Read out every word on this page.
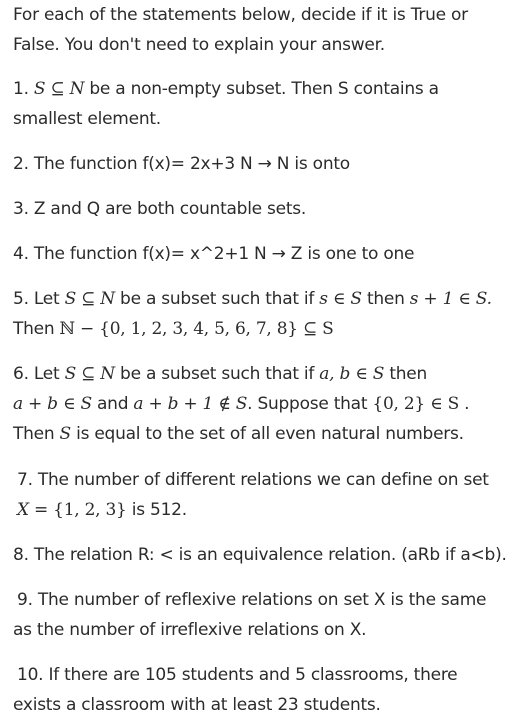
For each of the statements below, decide if it is True or
False. You don't need to explain your answer.
1. S ⊆ N be a non-empty subset. Then S contains a
smallest element.
2. The function f(x)= 2x+3 N → N is onto
3. Z and Q are both countable sets.
4. The function f(x)= x^2+1 N → Z is one to one
5. Let S ⊆ N be a subset such that if s ∈ S then s + 1 ∈ S.
Then ℕ − {0, 1, 2, 3, 4, 5, 6, 7, 8} ⊆ S
6. Let S ⊆ N be a subset such that if a, b ∈ S then
a + b ∈ S and a + b + 1 ∉ S. Suppose that {0, 2} ∈ S .
Then S is equal to the set of all even natural numbers.
7. The number of different relations we can define on set
X = {1, 2, 3} is 512.
8. The relation R: < is an equivalence relation. (aRb if a<b).
9. The number of reflexive relations on set X is the same
as the number of irreflexive relations on X.
10. If there are 105 students and 5 classrooms, there
exists a classroom with at least 23 students.
